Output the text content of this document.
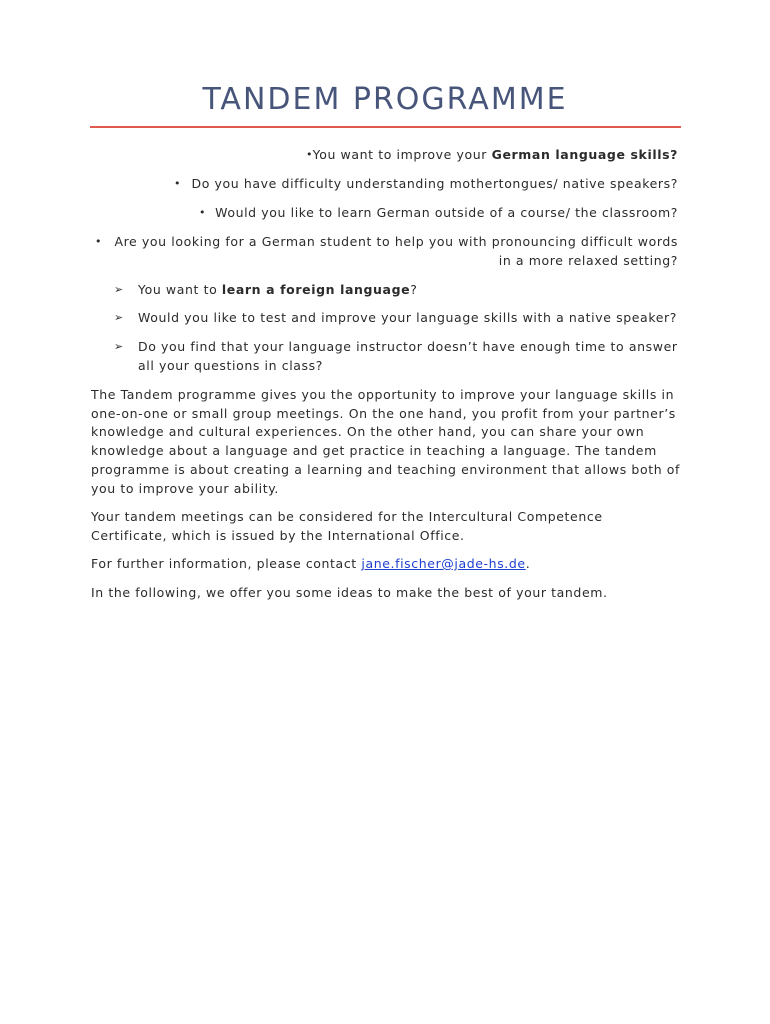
TANDEM PROGRAMME
• You want to improve your German language skills?
• Do you have difficulty understanding mothertongues/ native speakers?
• Would you like to learn German outside of a course/ the classroom?
• Are you looking for a German student to help you with pronouncing difficult words
in a more relaxed setting?
➢ You want to learn a foreign language?
➢ Would you like to test and improve your language skills with a native speaker?
➢ Do you find that your language instructor doesn’t have enough time to answer
all your questions in class?
The Tandem programme gives you the opportunity to improve your language skills in
one-on-one or small group meetings. On the one hand, you profit from your partner’s
knowledge and cultural experiences. On the other hand, you can share your own
knowledge about a language and get practice in teaching a language. The tandem
programme is about creating a learning and teaching environment that allows both of
you to improve your ability.
Your tandem meetings can be considered for the Intercultural Competence
Certificate, which is issued by the International Office.
For further information, please contact jane.fischer@jade-hs.de.
In the following, we offer you some ideas to make the best of your tandem.
